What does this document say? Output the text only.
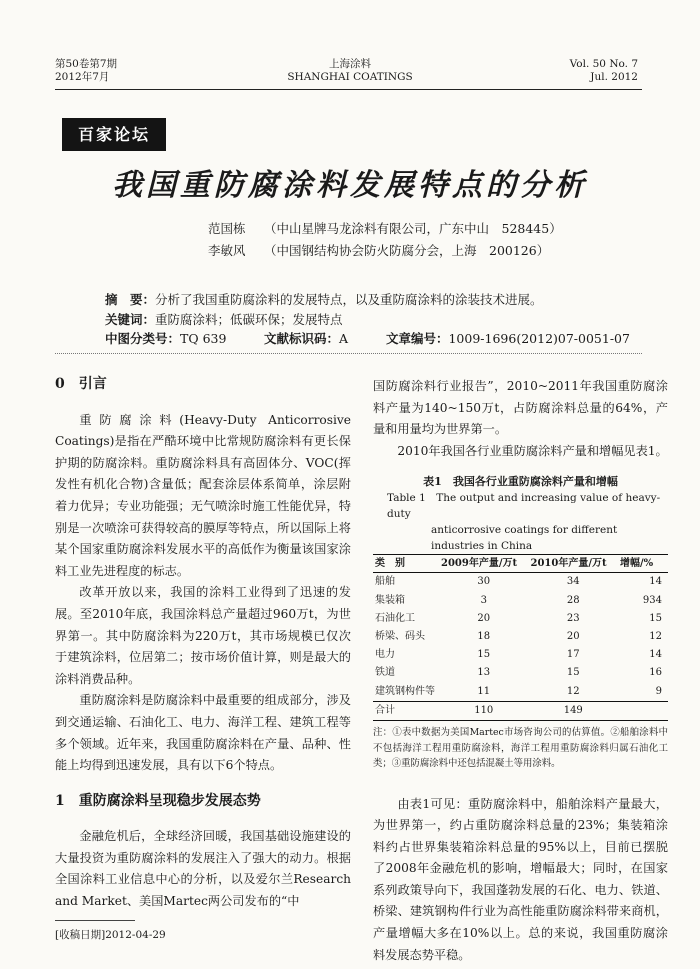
第50卷第7期
2012年7月
上海涂料
SHANGHAI COATINGS
Vol. 50 No. 7
Jul. 2012
百家论坛
我国重防腐涂料发展特点的分析
范国栋 （中山星牌马龙涂料有限公司，广东中山　528445）
李敏风 （中国钢结构协会防火防腐分会，上海　200126）
摘　要：分析了我国重防腐涂料的发展特点，以及重防腐涂料的涂装技术进展。
关键词：重防腐涂料；低碳环保；发展特点
中图分类号：TQ 639	文献标识码：A	文章编号：1009-1696(2012)07-0051-07
0　引言

重防腐涂料(Heavy-Duty Anticorrosive Coatings)是指在严酷环境中比常规防腐涂料有更长保护期的防腐涂料。重防腐涂料具有高固体分、VOC(挥发性有机化合物)含量低；配套涂层体系简单，涂层附着力优异；专业功能强；无气喷涂时施工性能优异，特别是一次喷涂可获得较高的膜厚等特点，所以国际上将某个国家重防腐涂料发展水平的高低作为衡量该国家涂料工业先进程度的标志。

改革开放以来，我国的涂料工业得到了迅速的发展。至2010年底，我国涂料总产量超过960万t，为世界第一。其中防腐涂料为220万t，其市场规模已仅次于建筑涂料，位居第二；按市场价值计算，则是最大的涂料消费品种。

重防腐涂料是防腐涂料中最重要的组成部分，涉及到交通运输、石油化工、电力、海洋工程、建筑工程等多个领域。近年来，我国重防腐涂料在产量、品种、性能上均得到迅速发展，具有以下6个特点。

1　重防腐涂料呈现稳步发展态势

金融危机后，全球经济回暖，我国基础设施建设的大量投资为重防腐涂料的发展注入了强大的动力。根据全国涂料工业信息中心的分析，以及爱尔兰Research and Market、美国Martec两公司发布的“中

国防腐涂料行业报告”，2010~2011年我国重防腐涂料产量为140~150万t，占防腐涂料总量的64%，产量和用量均为世界第一。

2010年我国各行业重防腐涂料产量和增幅见表1。

表1　我国各行业重防腐涂料产量和增幅
Table 1　The output and increasing value of heavy-duty
anticorrosive coatings for different industries in China
类　别	2009年产量/万t	2010年产量/万t	增幅/%
船舶	30	34	14
集装箱	3	28	934
石油化工	20	23	15
桥梁、码头	18	20	12
电力	15	17	14
铁道	13	15	16
建筑钢构件等	11	12	9
合计	110	149	
注：①表中数据为美国Martec市场咨询公司的估算值。②船舶涂料中不包括海洋工程用重防腐涂料，海洋工程用重防腐涂料归属石油化工类；③重防腐涂料中还包括混凝土等用涂料。

由表1可见：重防腐涂料中，船舶涂料产量最大，为世界第一，约占重防腐涂料总量的23%；集装箱涂料约占世界集装箱涂料总量的95%以上，目前已摆脱了2008年金融危机的影响，增幅最大；同时，在国家系列政策导向下，我国蓬勃发展的石化、电力、铁道、桥梁、建筑钢构件行业为高性能重防腐涂料带来商机，产量增幅大多在10%以上。总的来说，我国重防腐涂料发展态势平稳。

[收稿日期]2012-04-29
